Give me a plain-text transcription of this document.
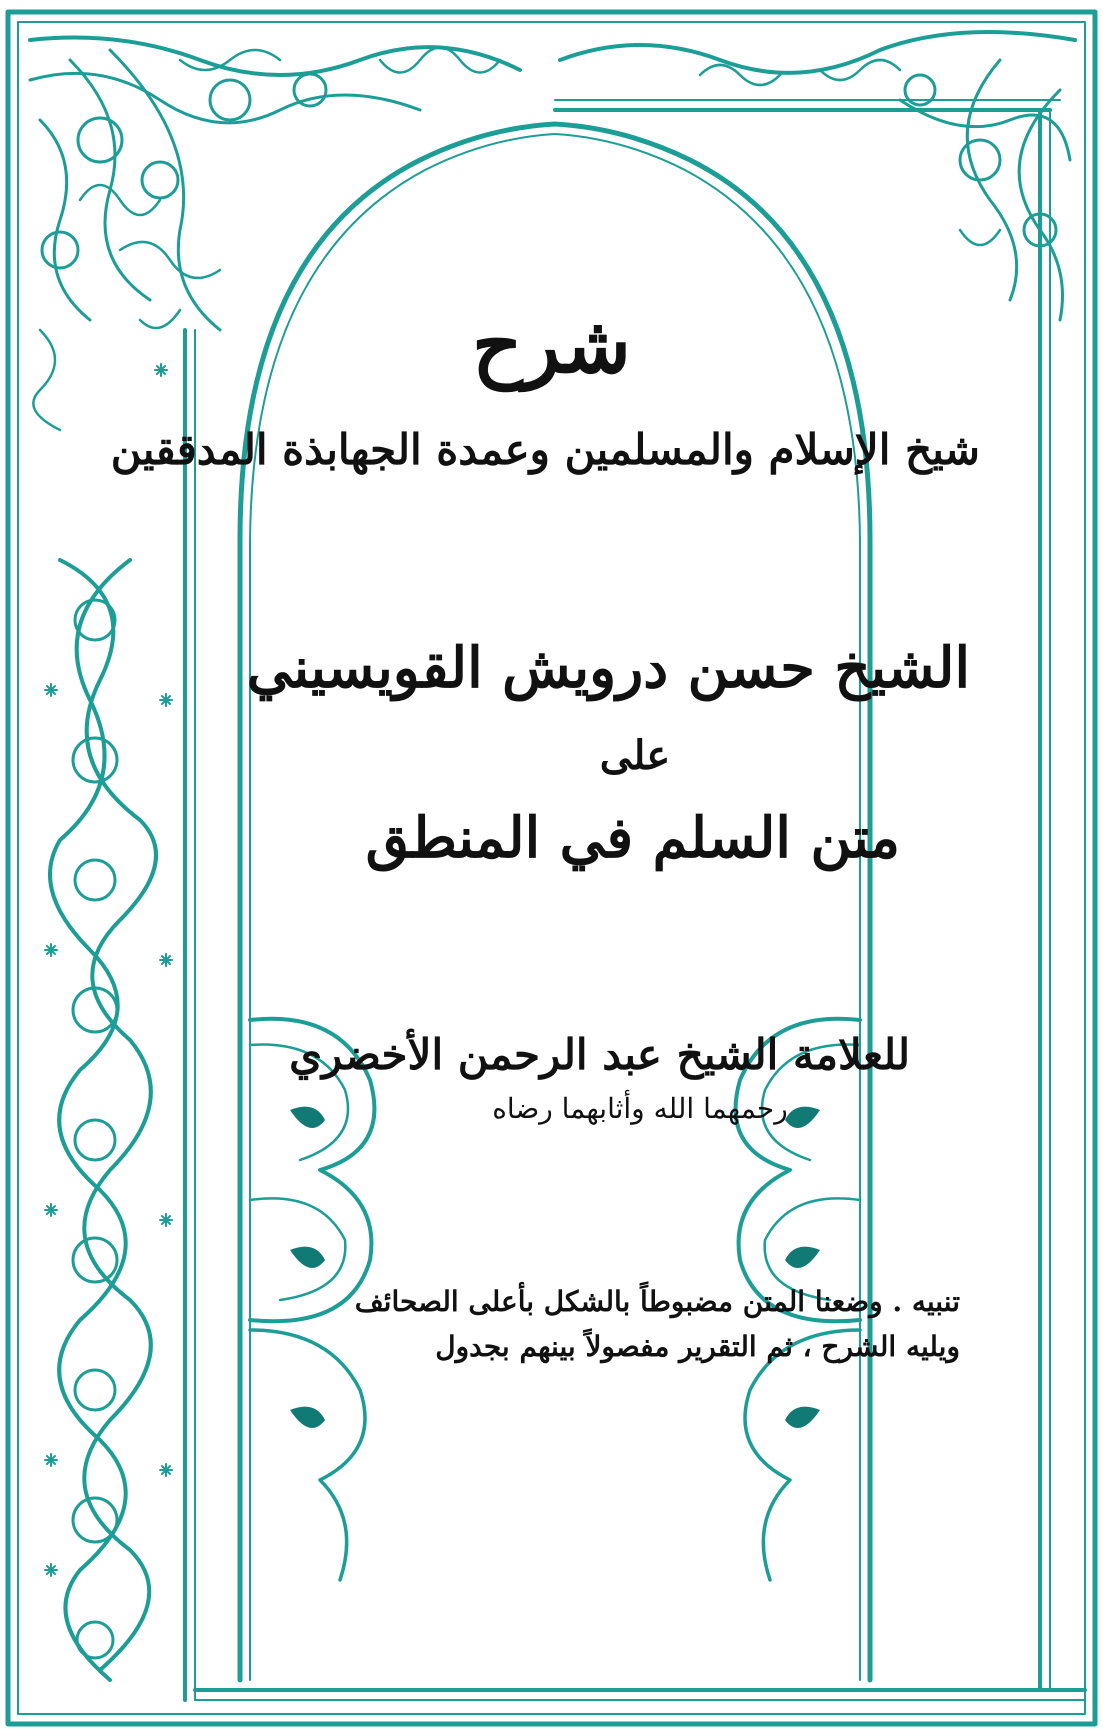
شرح
شيخ الإسلام والمسلمين وعمدة الجهابذة المدققين
الشيخ حسن درويش القويسيني
على
متن السلم في المنطق
للعلامة الشيخ عبد الرحمن الأخضري
رحمهما الله وأثابهما رضاه
تنبيه . وضعنا المتن مضبوطاً بالشكل بأعلى الصحائف
ويليه الشرح ، ثم التقرير مفصولاً بينهم بجدول
